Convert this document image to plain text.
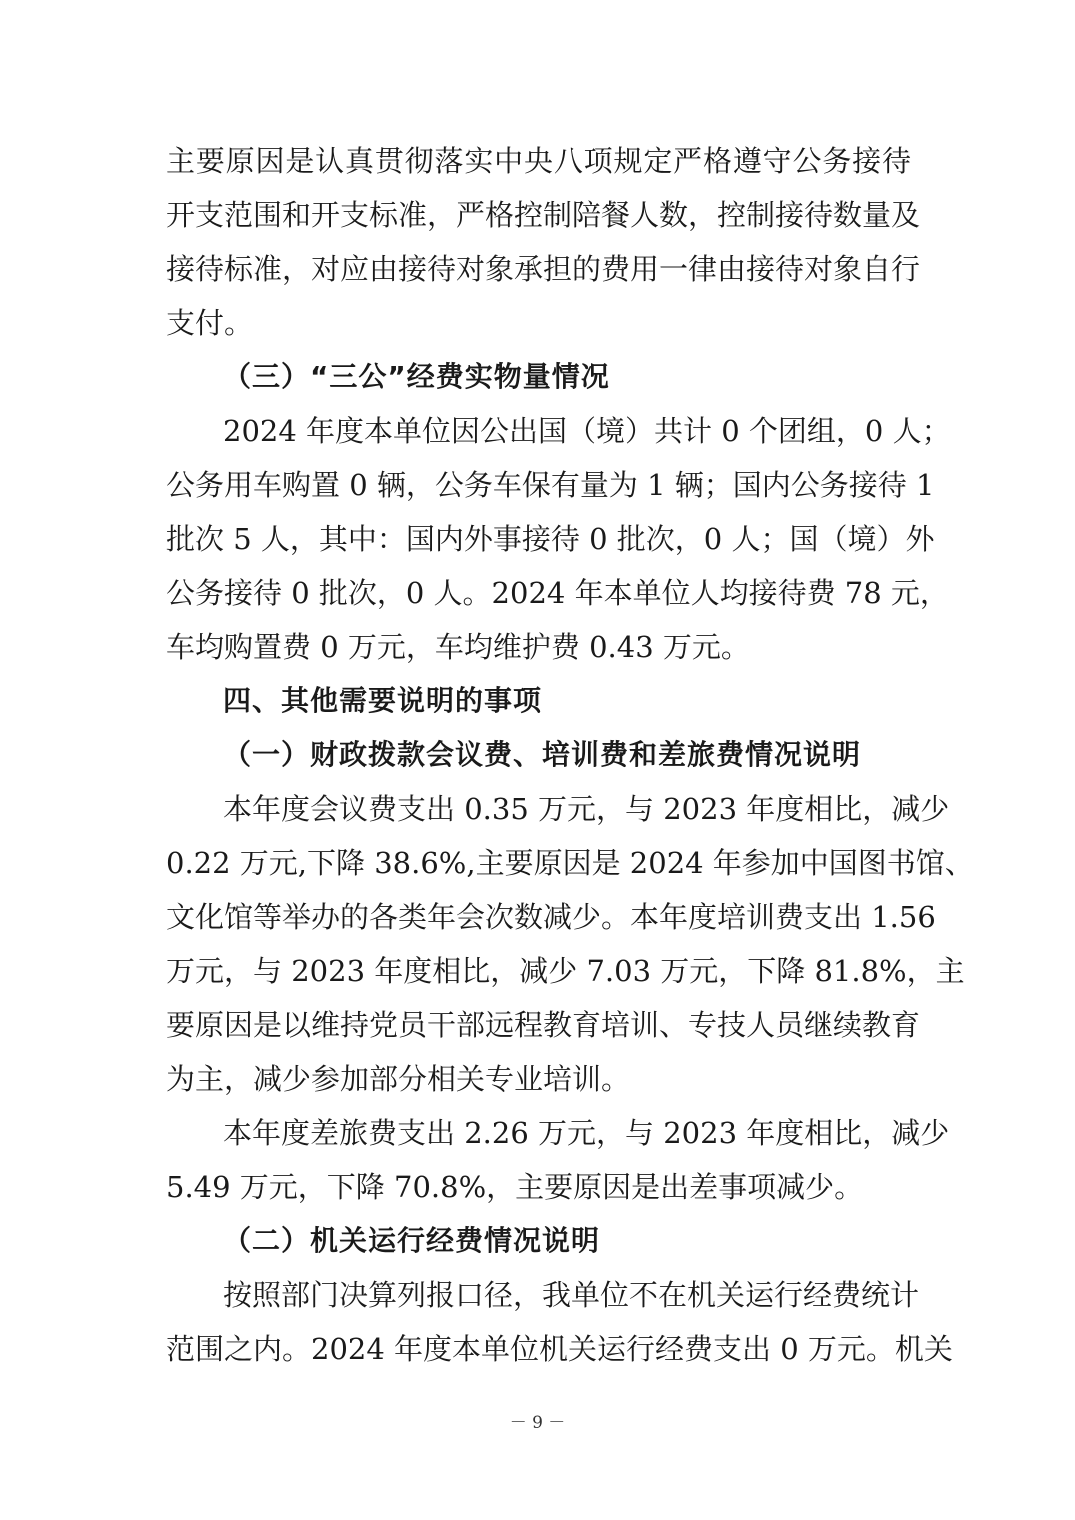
主要原因是认真贯彻落实中央八项规定严格遵守公务接待
开支范围和开支标准，严格控制陪餐人数，控制接待数量及
接待标准，对应由接待对象承担的费用一律由接待对象自行
支付。
（三）“三公”经费实物量情况
2024 年度本单位因公出国（境）共计 0 个团组，0 人；
公务用车购置 0 辆，公务车保有量为 1 辆；国内公务接待 1
批次 5 人，其中：国内外事接待 0 批次，0 人；国（境）外
公务接待 0 批次，0 人。2024 年本单位人均接待费 78 元，
车均购置费 0 万元，车均维护费 0.43 万元。
四、其他需要说明的事项
（一）财政拨款会议费、培训费和差旅费情况说明
本年度会议费支出 0.35 万元，与 2023 年度相比，减少
0.22 万元,下降 38.6%,主要原因是 2024 年参加中国图书馆、
文化馆等举办的各类年会次数减少。本年度培训费支出 1.56
万元，与 2023 年度相比，减少 7.03 万元，下降 81.8%，主
要原因是以维持党员干部远程教育培训、专技人员继续教育
为主，减少参加部分相关专业培训。
本年度差旅费支出 2.26 万元，与 2023 年度相比，减少
5.49 万元，下降 70.8%，主要原因是出差事项减少。
（二）机关运行经费情况说明
按照部门决算列报口径，我单位不在机关运行经费统计
范围之内。2024 年度本单位机关运行经费支出 0 万元。机关
－ 9 －
